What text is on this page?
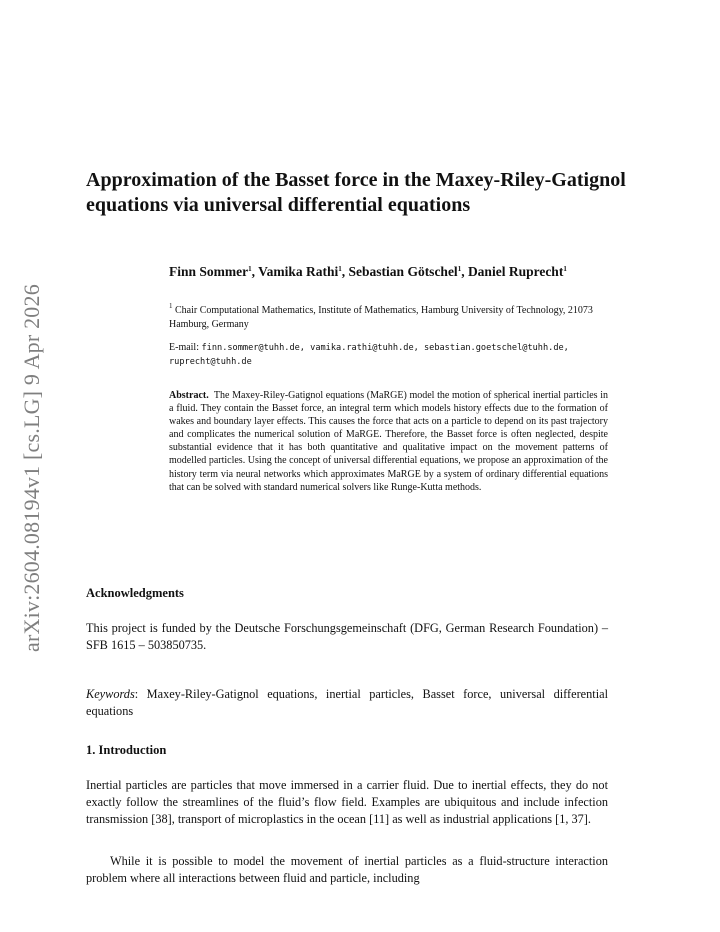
arXiv:2604.08194v1 [cs.LG] 9 Apr 2026
Approximation of the Basset force in the Maxey-Riley-Gatignol equations via universal differential equations
Finn Sommer$^1$, Vamika Rathi$^1$, Sebastian Götschel$^1$, Daniel Ruprecht$^1$
$^1$ Chair Computational Mathematics, Institute of Mathematics, Hamburg University of Technology, 21073 Hamburg, Germany
E-mail: finn.sommer@tuhh.de, vamika.rathi@tuhh.de, sebastian.goetschel@tuhh.de, ruprecht@tuhh.de
Abstract. The Maxey-Riley-Gatignol equations (MaRGE) model the motion of spherical inertial particles in a fluid. They contain the Basset force, an integral term which models history effects due to the formation of wakes and boundary layer effects. This causes the force that acts on a particle to depend on its past trajectory and complicates the numerical solution of MaRGE. Therefore, the Basset force is often neglected, despite substantial evidence that it has both quantitative and qualitative impact on the movement patterns of modelled particles. Using the concept of universal differential equations, we propose an approximation of the history term via neural networks which approximates MaRGE by a system of ordinary differential equations that can be solved with standard numerical solvers like Runge-Kutta methods.
Acknowledgments
This project is funded by the Deutsche Forschungsgemeinschaft (DFG, German Research Foundation) – SFB 1615 – 503850735.
Keywords: Maxey-Riley-Gatignol equations, inertial particles, Basset force, universal differential equations
1. Introduction
Inertial particles are particles that move immersed in a carrier fluid. Due to inertial effects, they do not exactly follow the streamlines of the fluid’s flow field. Examples are ubiquitous and include infection transmission [38], transport of microplastics in the ocean [11] as well as industrial applications [1, 37].
While it is possible to model the movement of inertial particles as a fluid-structure interaction problem where all interactions between fluid and particle, including
